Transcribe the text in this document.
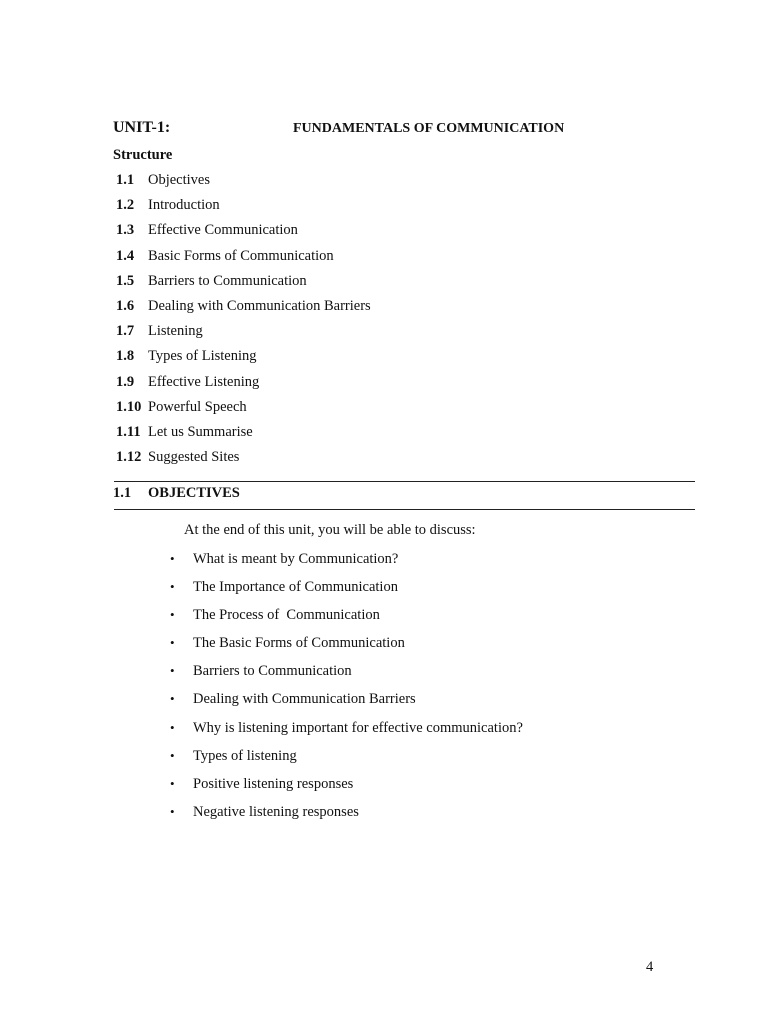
UNIT-1:	FUNDAMENTALS OF COMMUNICATION
Structure
1.1 Objectives
1.2 Introduction
1.3 Effective Communication
1.4 Basic Forms of Communication
1.5 Barriers to Communication
1.6 Dealing with Communication Barriers
1.7 Listening
1.8 Types of Listening
1.9 Effective Listening
1.10 Powerful Speech
1.11 Let us Summarise
1.12 Suggested Sites
1.1 OBJECTIVES
At the end of this unit, you will be able to discuss:
• What is meant by Communication?
• The Importance of Communication
• The Process of  Communication
• The Basic Forms of Communication
• Barriers to Communication
• Dealing with Communication Barriers
• Why is listening important for effective communication?
• Types of listening
• Positive listening responses
• Negative listening responses
4
